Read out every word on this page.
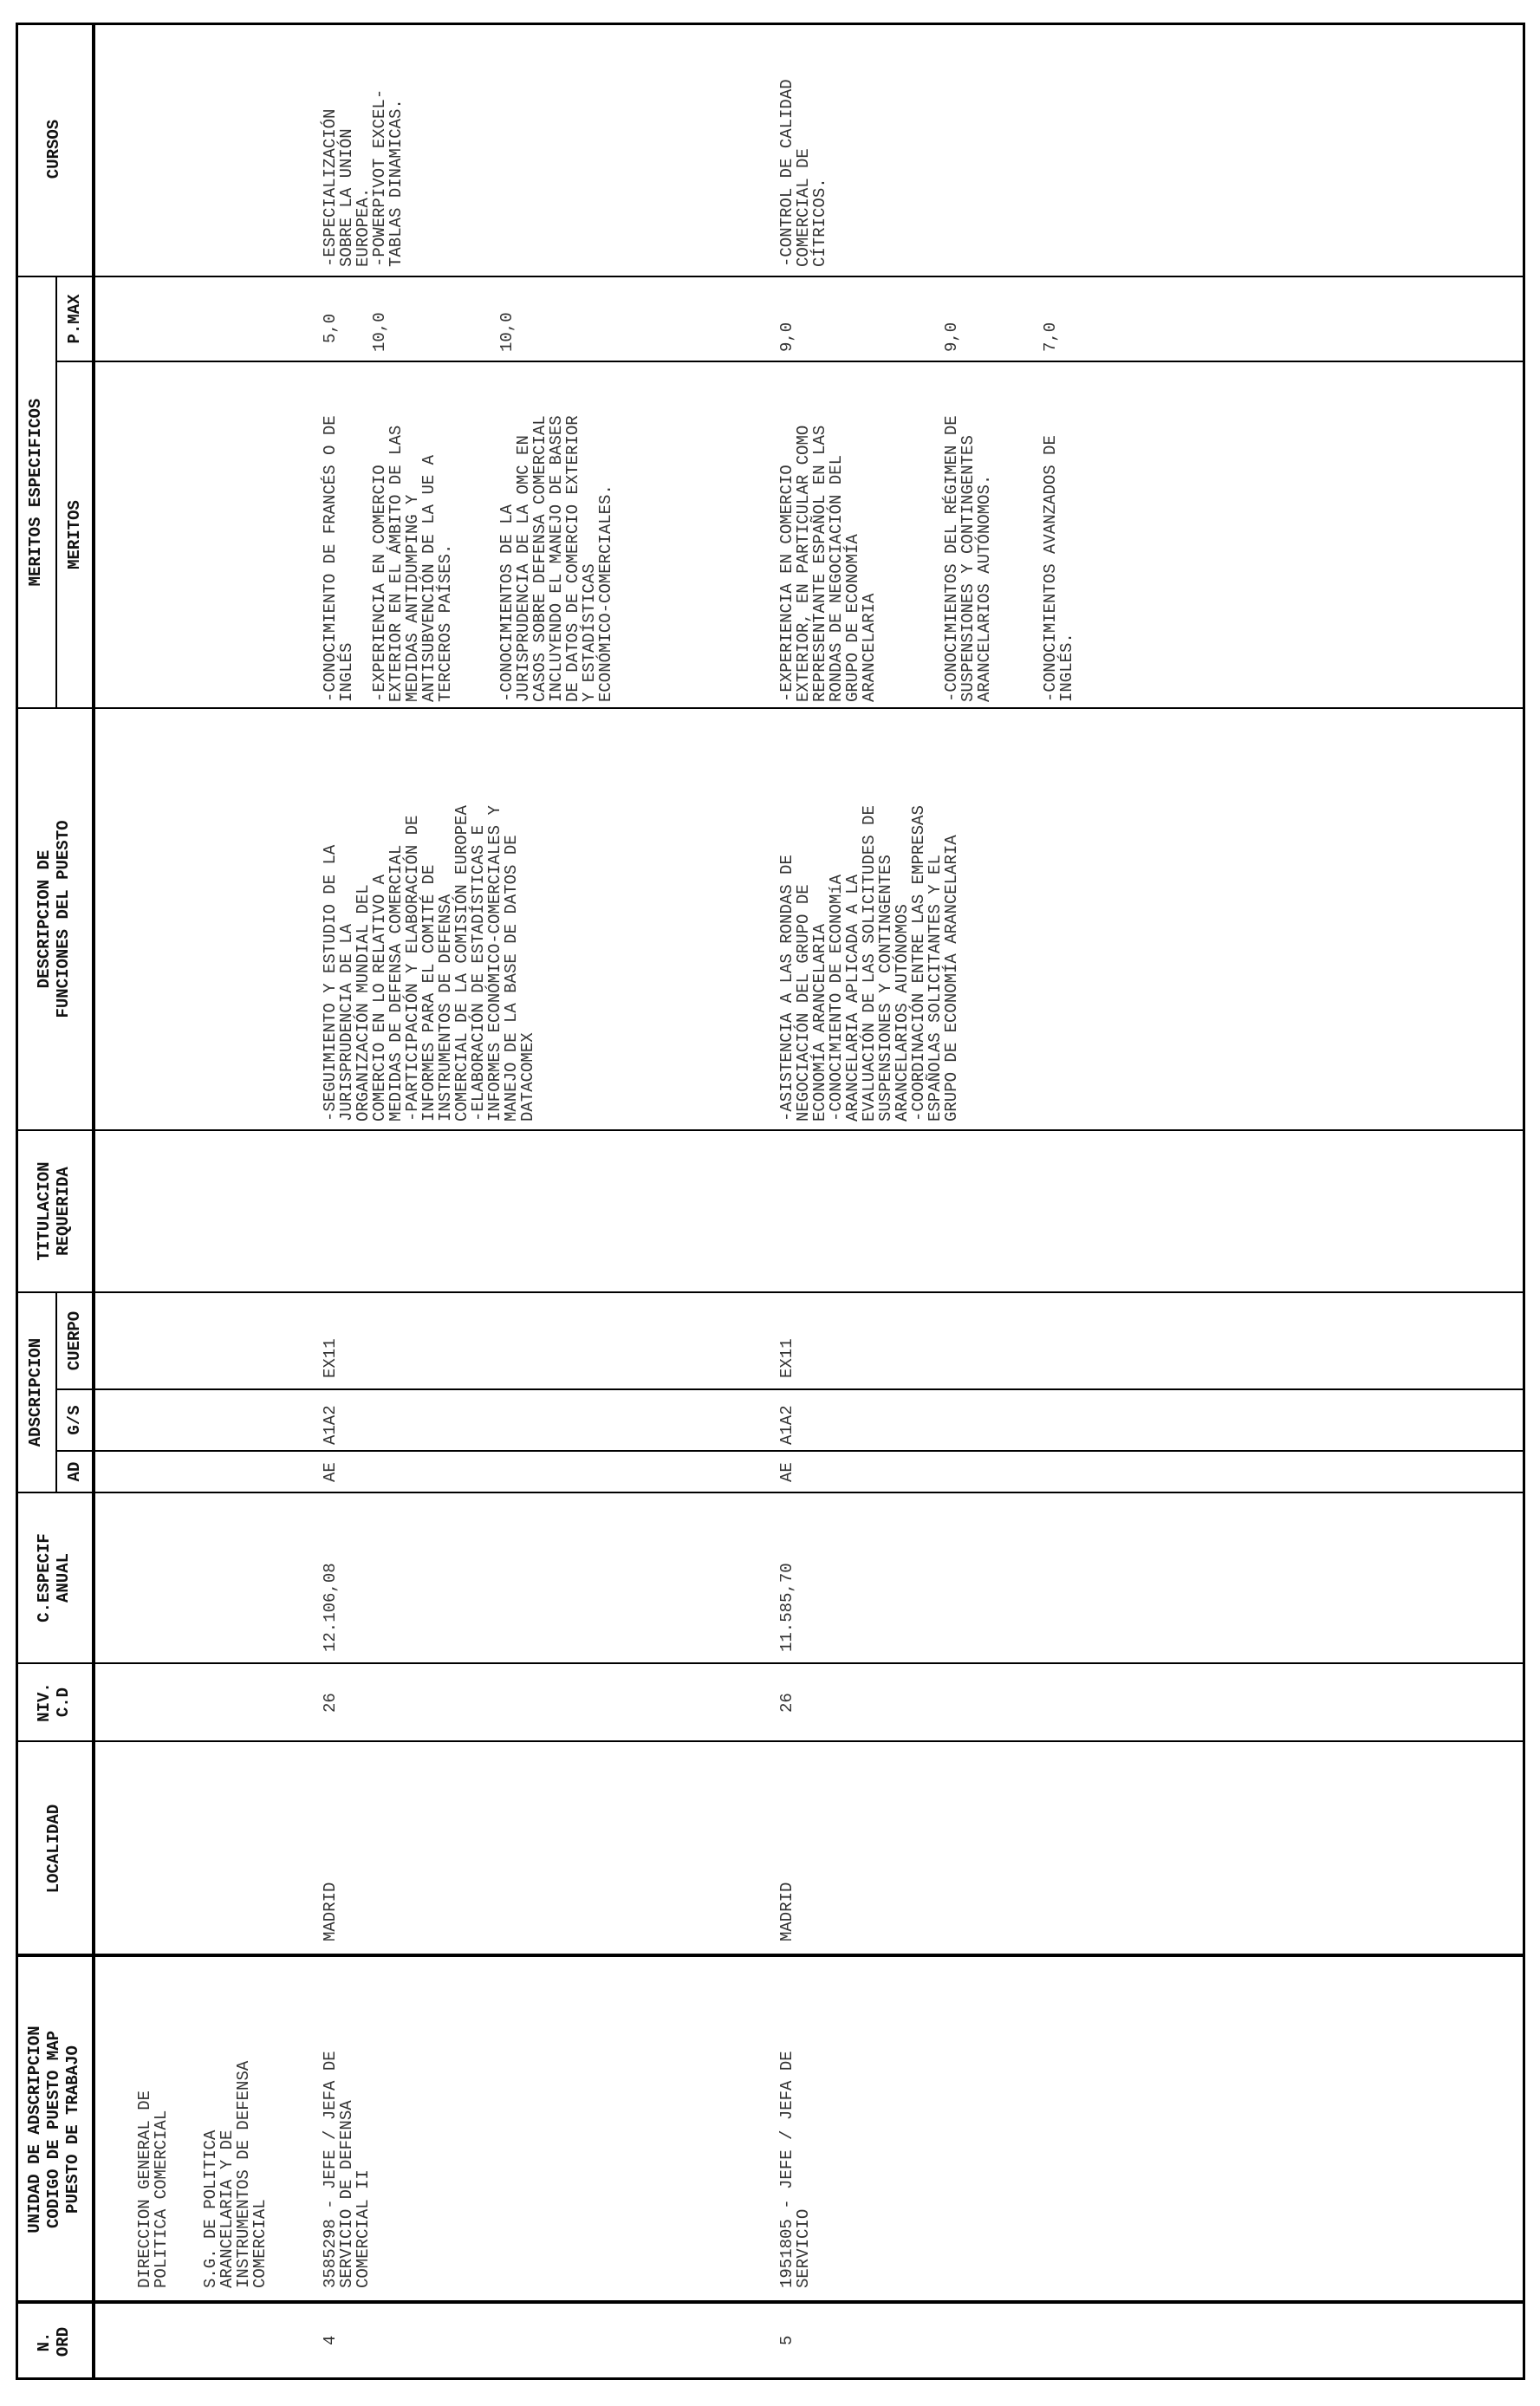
N.
ORD
UNIDAD DE ADSCRIPCION
CODIGO DE PUESTO MAP
PUESTO DE TRABAJO
LOCALIDAD
NIV.
C.D
C.ESPECIF
ANUAL
ADSCRIPCION
AD
G/S
CUERPO
TITULACION
REQUERIDA
DESCRIPCION DE
FUNCIONES DEL PUESTO
MERITOS ESPECIFICOS	MERITOS
P.MAX
CURSOS
DIRECCION GENERAL DE
POLITICA COMERCIAL
S.G. DE POLITICA
ARANCELARIA Y DE
INSTRUMENTOS DE DEFENSA
COMERCIAL
4
3585298 - JEFE / JEFA DE
SERVICIO DE DEFENSA
COMERCIAL II
MADRID
26
12.106,08
AE
A1A2
EX11
-SEGUIMIENTO Y ESTUDIO DE LA
JURISPRUDENCIA DE LA
ORGANIZACIÓN MUNDIAL DEL
COMERCIO EN LO RELATIVO A
MEDIDAS DE DEFENSA COMERCIAL
-PARTICIPACIÓN Y ELABORACIÓN DE
INFORMES PARA EL COMITÉ DE
INSTRUMENTOS DE DEFENSA
COMERCIAL DE LA COMISIÓN EUROPEA
-ELABORACIÓN DE ESTADÍSTICAS E
INFORMES ECONÓMICO-COMERCIALES Y
MANEJO DE LA BASE DE DATOS DE
DATACOMEX
-CONOCIMIENTO DE FRANCÉS O DE
INGLÉS
5,0
-EXPERIENCIA EN COMERCIO
EXTERIOR EN EL ÁMBITO DE LAS
MEDIDAS ANTIDUMPING Y
ANTISUBVENCIÓN DE LA UE A
TERCEROS PAÍSES.
10,0
-CONOCIMIENTOS DE LA
JURISPRUDENCIA DE LA OMC EN
CASOS SOBRE DEFENSA COMERCIAL
INCLUYENDO EL MANEJO DE BASES
DE DATOS DE COMERCIO EXTERIOR
Y ESTADÍSTICAS
ECONÓMICO-COMERCIALES.
10,0
-ESPECIALIZACIÓN
SOBRE LA UNIÓN
EUROPEA.
-POWERPIVOT EXCEL-
TABLAS DINAMICAS.
5
1951805 - JEFE / JEFA DE
SERVICIO
MADRID
26
11.585,70
AE
A1A2
EX11
-ASISTENCIA A LAS RONDAS DE
NEGOCIACIÓN DEL GRUPO DE
ECONOMÍA ARANCELARIA
-CONOCIMIENTO DE ECONOMíA
ARANCELARIA APLICADA A LA
EVALUACIÓN DE LAS SOLICITUDES DE
SUSPENSIONES Y CONTINGENTES
ARANCELARIOS AUTÓNOMOS
-COORDINACIÓN ENTRE LAS EMPRESAS
ESPAÑOLAS SOLICITANTES Y EL
GRUPO DE ECONOMÍA ARANCELARIA
-EXPERIENCIA EN COMERCIO
EXTERIOR, EN PARTICULAR COMO
REPRESENTANTE ESPAÑOL EN LAS
RONDAS DE NEGOCIACIÓN DEL
GRUPO DE ECONOMÍA
ARANCELARIA
9,0
-CONOCIMIENTOS DEL RÉGIMEN DE
SUSPENSIONES Y CONTINGENTES
ARANCELARIOS AUTÓNOMOS.
9,0
-CONOCIMIENTOS AVANZADOS DE
INGLÉS.
7,0
-CONTROL DE CALIDAD
COMERCIAL DE
CÍTRICOS.
